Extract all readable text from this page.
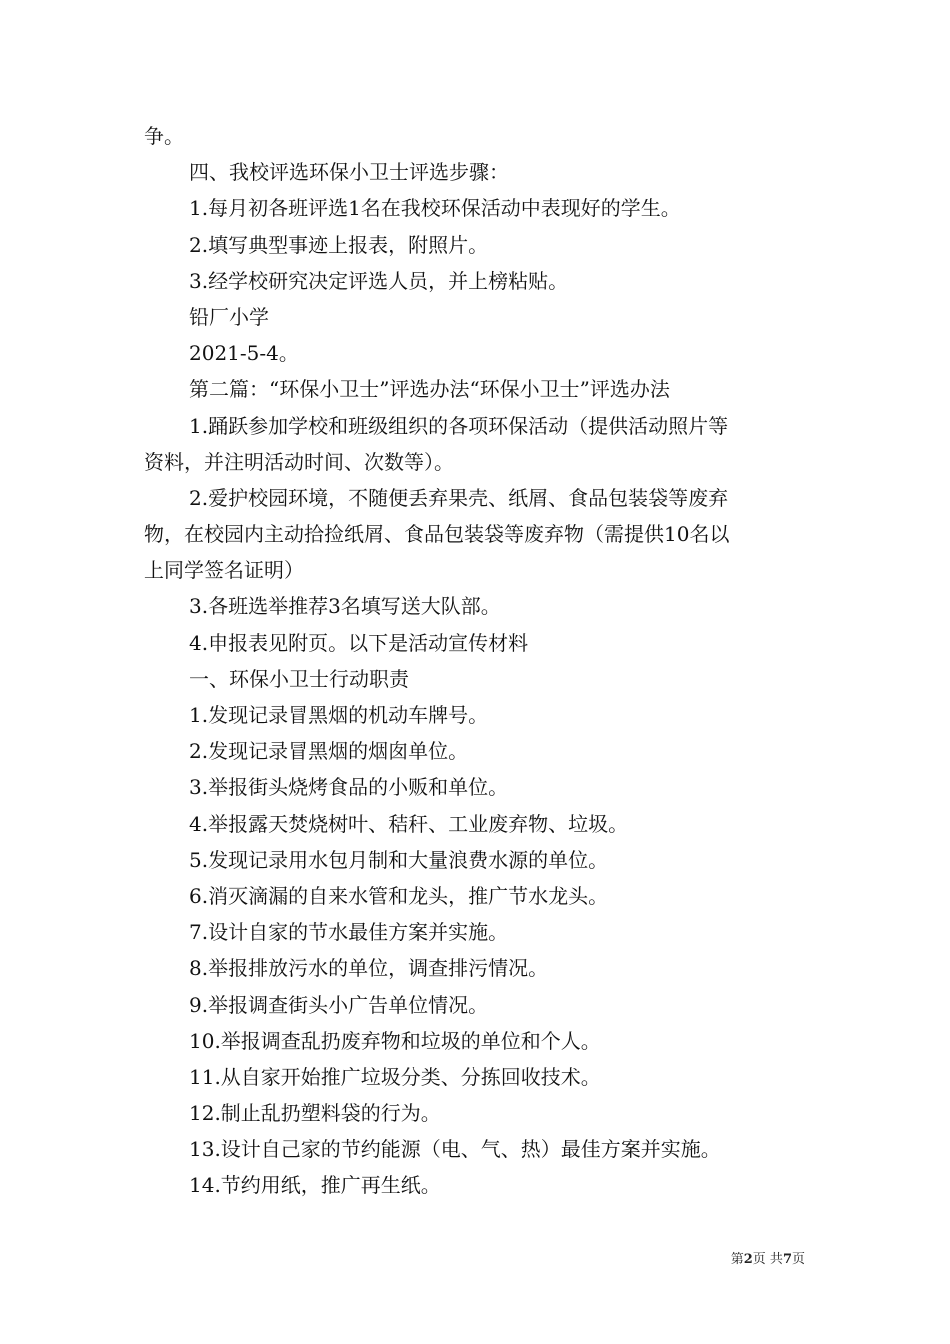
争。
四、我校评选环保小卫士评选步骤：
1.每月初各班评选1名在我校环保活动中表现好的学生。
2.填写典型事迹上报表，附照片。
3.经学校研究决定评选人员，并上榜粘贴。
铅厂小学
2021-5-4。
第二篇：“环保小卫士”评选办法“环保小卫士”评选办法
1.踊跃参加学校和班级组织的各项环保活动（提供活动照片等
资料，并注明活动时间、次数等）。
2.爱护校园环境，不随便丢弃果壳、纸屑、食品包装袋等废弃
物，在校园内主动拾捡纸屑、食品包装袋等废弃物（需提供10名以
上同学签名证明）
3.各班选举推荐3名填写送大队部。
4.申报表见附页。以下是活动宣传材料
一、环保小卫士行动职责
1.发现记录冒黑烟的机动车牌号。
2.发现记录冒黑烟的烟囱单位。
3.举报街头烧烤食品的小贩和单位。
4.举报露天焚烧树叶、秸秆、工业废弃物、垃圾。
5.发现记录用水包月制和大量浪费水源的单位。
6.消灭滴漏的自来水管和龙头，推广节水龙头。
7.设计自家的节水最佳方案并实施。
8.举报排放污水的单位，调查排污情况。
9.举报调查街头小广告单位情况。
10.举报调查乱扔废弃物和垃圾的单位和个人。
11.从自家开始推广垃圾分类、分拣回收技术。
12.制止乱扔塑料袋的行为。
13.设计自己家的节约能源（电、气、热）最佳方案并实施。
14.节约用纸，推广再生纸。
第2页 共7页
